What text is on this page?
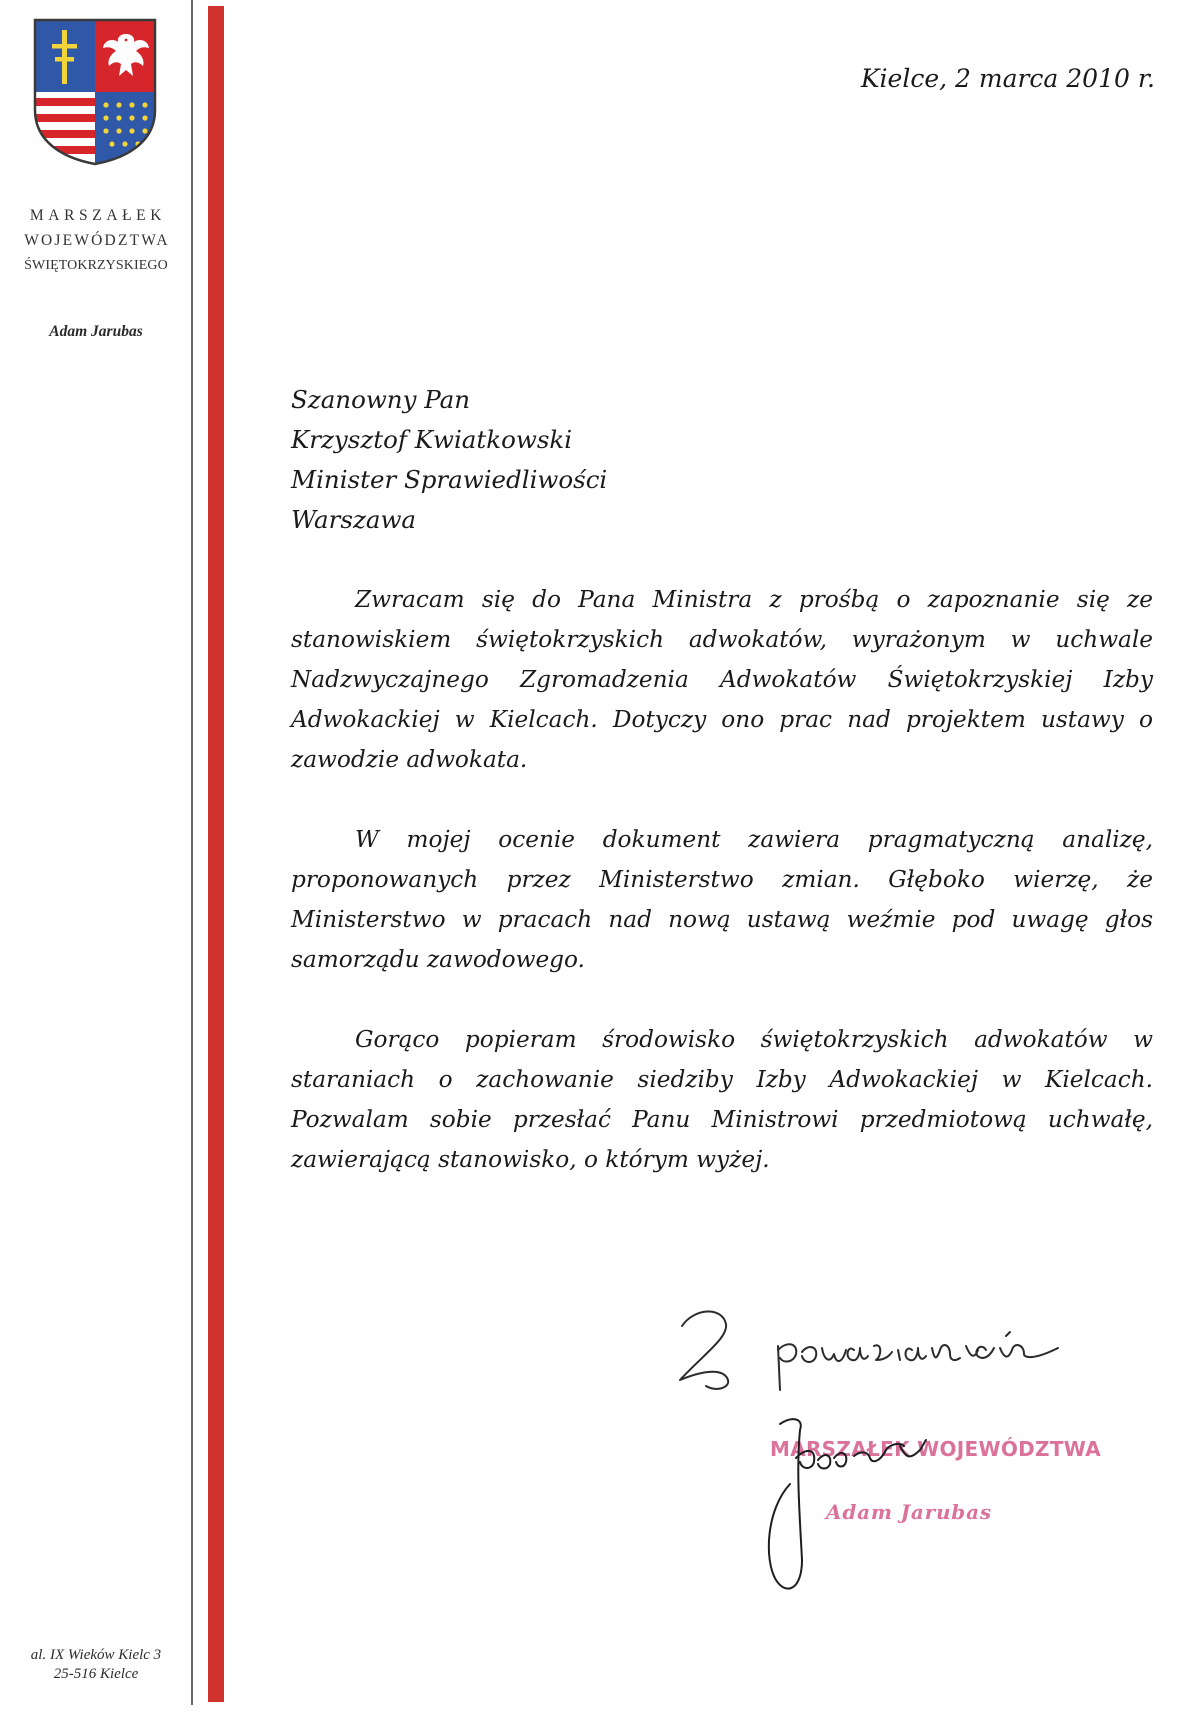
MARSZAŁEK
WOJEWÓDZTWA
ŚWIĘTOKRZYSKIEGO
Adam Jarubas
al. IX Wieków Kielc 3
25-516 Kielce
Kielce, 2 marca 2010 r.
Szanowny Pan
Krzysztof Kwiatkowski
Minister Sprawiedliwości
Warszawa

Zwracam się do Pana Ministra z prośbą o zapoznanie się ze stanowiskiem świętokrzyskich adwokatów, wyrażonym w uchwale Nadzwyczajnego Zgromadzenia Adwokatów Świętokrzyskiej Izby Adwokackiej w Kielcach. Dotyczy ono prac nad projektem ustawy o zawodzie adwokata.

W mojej ocenie dokument zawiera pragmatyczną analizę, proponowanych przez Ministerstwo zmian. Głęboko wierzę, że Ministerstwo w pracach nad nową ustawą weźmie pod uwagę głos samorządu zawodowego.

Gorąco popieram środowisko świętokrzyskich adwokatów w staraniach o zachowanie siedziby Izby Adwokackiej w Kielcach. Pozwalam sobie przesłać Panu Ministrowi przedmiotową uchwałę, zawierającą stanowisko, o którym wyżej.

MARSZAŁEK WOJEWÓDZTWA
Adam Jarubas
